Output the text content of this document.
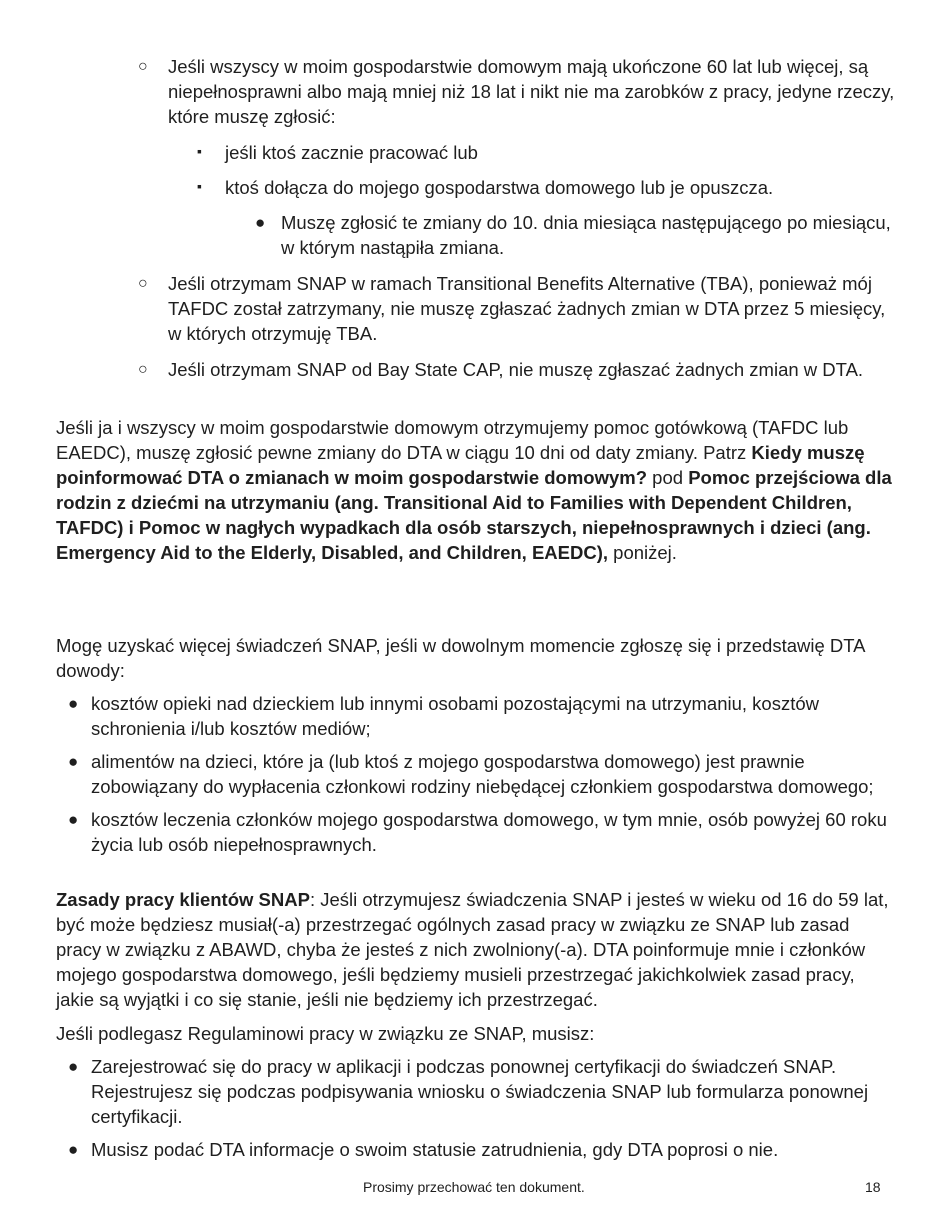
○ Jeśli wszyscy w moim gospodarstwie domowym mają ukończone 60 lat lub więcej, są niepełnosprawni albo mają mniej niż 18 lat i nikt nie ma zarobków z pracy, jedyne rzeczy, które muszę zgłosić:
▪ jeśli ktoś zacznie pracować lub
▪ ktoś dołącza do mojego gospodarstwa domowego lub je opuszcza.
● Muszę zgłosić te zmiany do 10. dnia miesiąca następującego po miesiącu, w którym nastąpiła zmiana.
○ Jeśli otrzymam SNAP w ramach Transitional Benefits Alternative (TBA), ponieważ mój TAFDC został zatrzymany, nie muszę zgłaszać żadnych zmian w DTA przez 5 miesięcy, w których otrzymuję TBA.
○ Jeśli otrzymam SNAP od Bay State CAP, nie muszę zgłaszać żadnych zmian w DTA.

Jeśli ja i wszyscy w moim gospodarstwie domowym otrzymujemy pomoc gotówkową (TAFDC lub EAEDC), muszę zgłosić pewne zmiany do DTA w ciągu 10 dni od daty zmiany. Patrz Kiedy muszę poinformować DTA o zmianach w moim gospodarstwie domowym? pod Pomoc przejściowa dla rodzin z dziećmi na utrzymaniu (ang. Transitional Aid to Families with Dependent Children, TAFDC) i Pomoc w nagłych wypadkach dla osób starszych, niepełnosprawnych i dzieci (ang. Emergency Aid to the Elderly, Disabled, and Children, EAEDC), poniżej.

Mogę uzyskać więcej świadczeń SNAP, jeśli w dowolnym momencie zgłoszę się i przedstawię DTA dowody:

● kosztów opieki nad dzieckiem lub innymi osobami pozostającymi na utrzymaniu, kosztów schronienia i/lub kosztów mediów;
● alimentów na dzieci, które ja (lub ktoś z mojego gospodarstwa domowego) jest prawnie zobowiązany do wypłacenia członkowi rodziny niebędącej członkiem gospodarstwa domowego;
● kosztów leczenia członków mojego gospodarstwa domowego, w tym mnie, osób powyżej 60 roku życia lub osób niepełnosprawnych.

Zasady pracy klientów SNAP: Jeśli otrzymujesz świadczenia SNAP i jesteś w wieku od 16 do 59 lat, być może będziesz musiał(-a) przestrzegać ogólnych zasad pracy w związku ze SNAP lub zasad pracy w związku z ABAWD, chyba że jesteś z nich zwolniony(-a). DTA poinformuje mnie i członków mojego gospodarstwa domowego, jeśli będziemy musieli przestrzegać jakichkolwiek zasad pracy, jakie są wyjątki i co się stanie, jeśli nie będziemy ich przestrzegać.

Jeśli podlegasz Regulaminowi pracy w związku ze SNAP, musisz:

● Zarejestrować się do pracy w aplikacji i podczas ponownej certyfikacji do świadczeń SNAP. Rejestrujesz się podczas podpisywania wniosku o świadczenia SNAP lub formularza ponownej certyfikacji.
● Musisz podać DTA informacje o swoim statusie zatrudnienia, gdy DTA poprosi o nie.
Prosimy przechować ten dokument.	18
